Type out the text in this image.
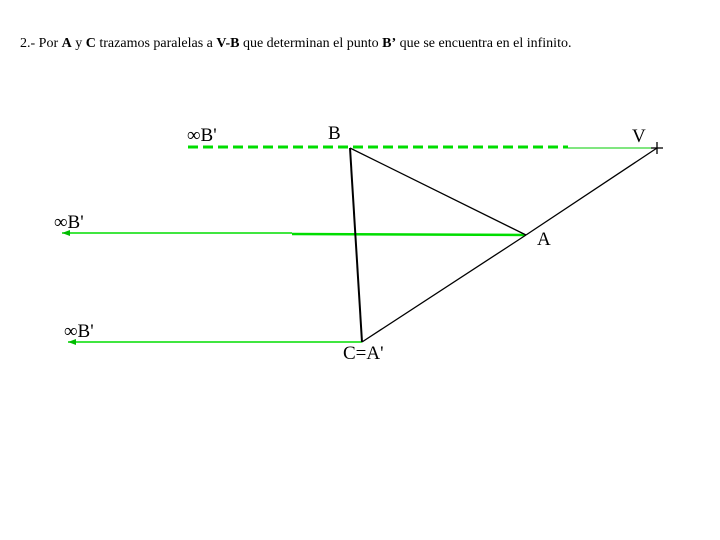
2.- Por A y C trazamos paralelas a V-B que determinan el punto B’ que se encuentra en el infinito.
∞B'
∞B'
∞B'
B	V
A
C=A'
